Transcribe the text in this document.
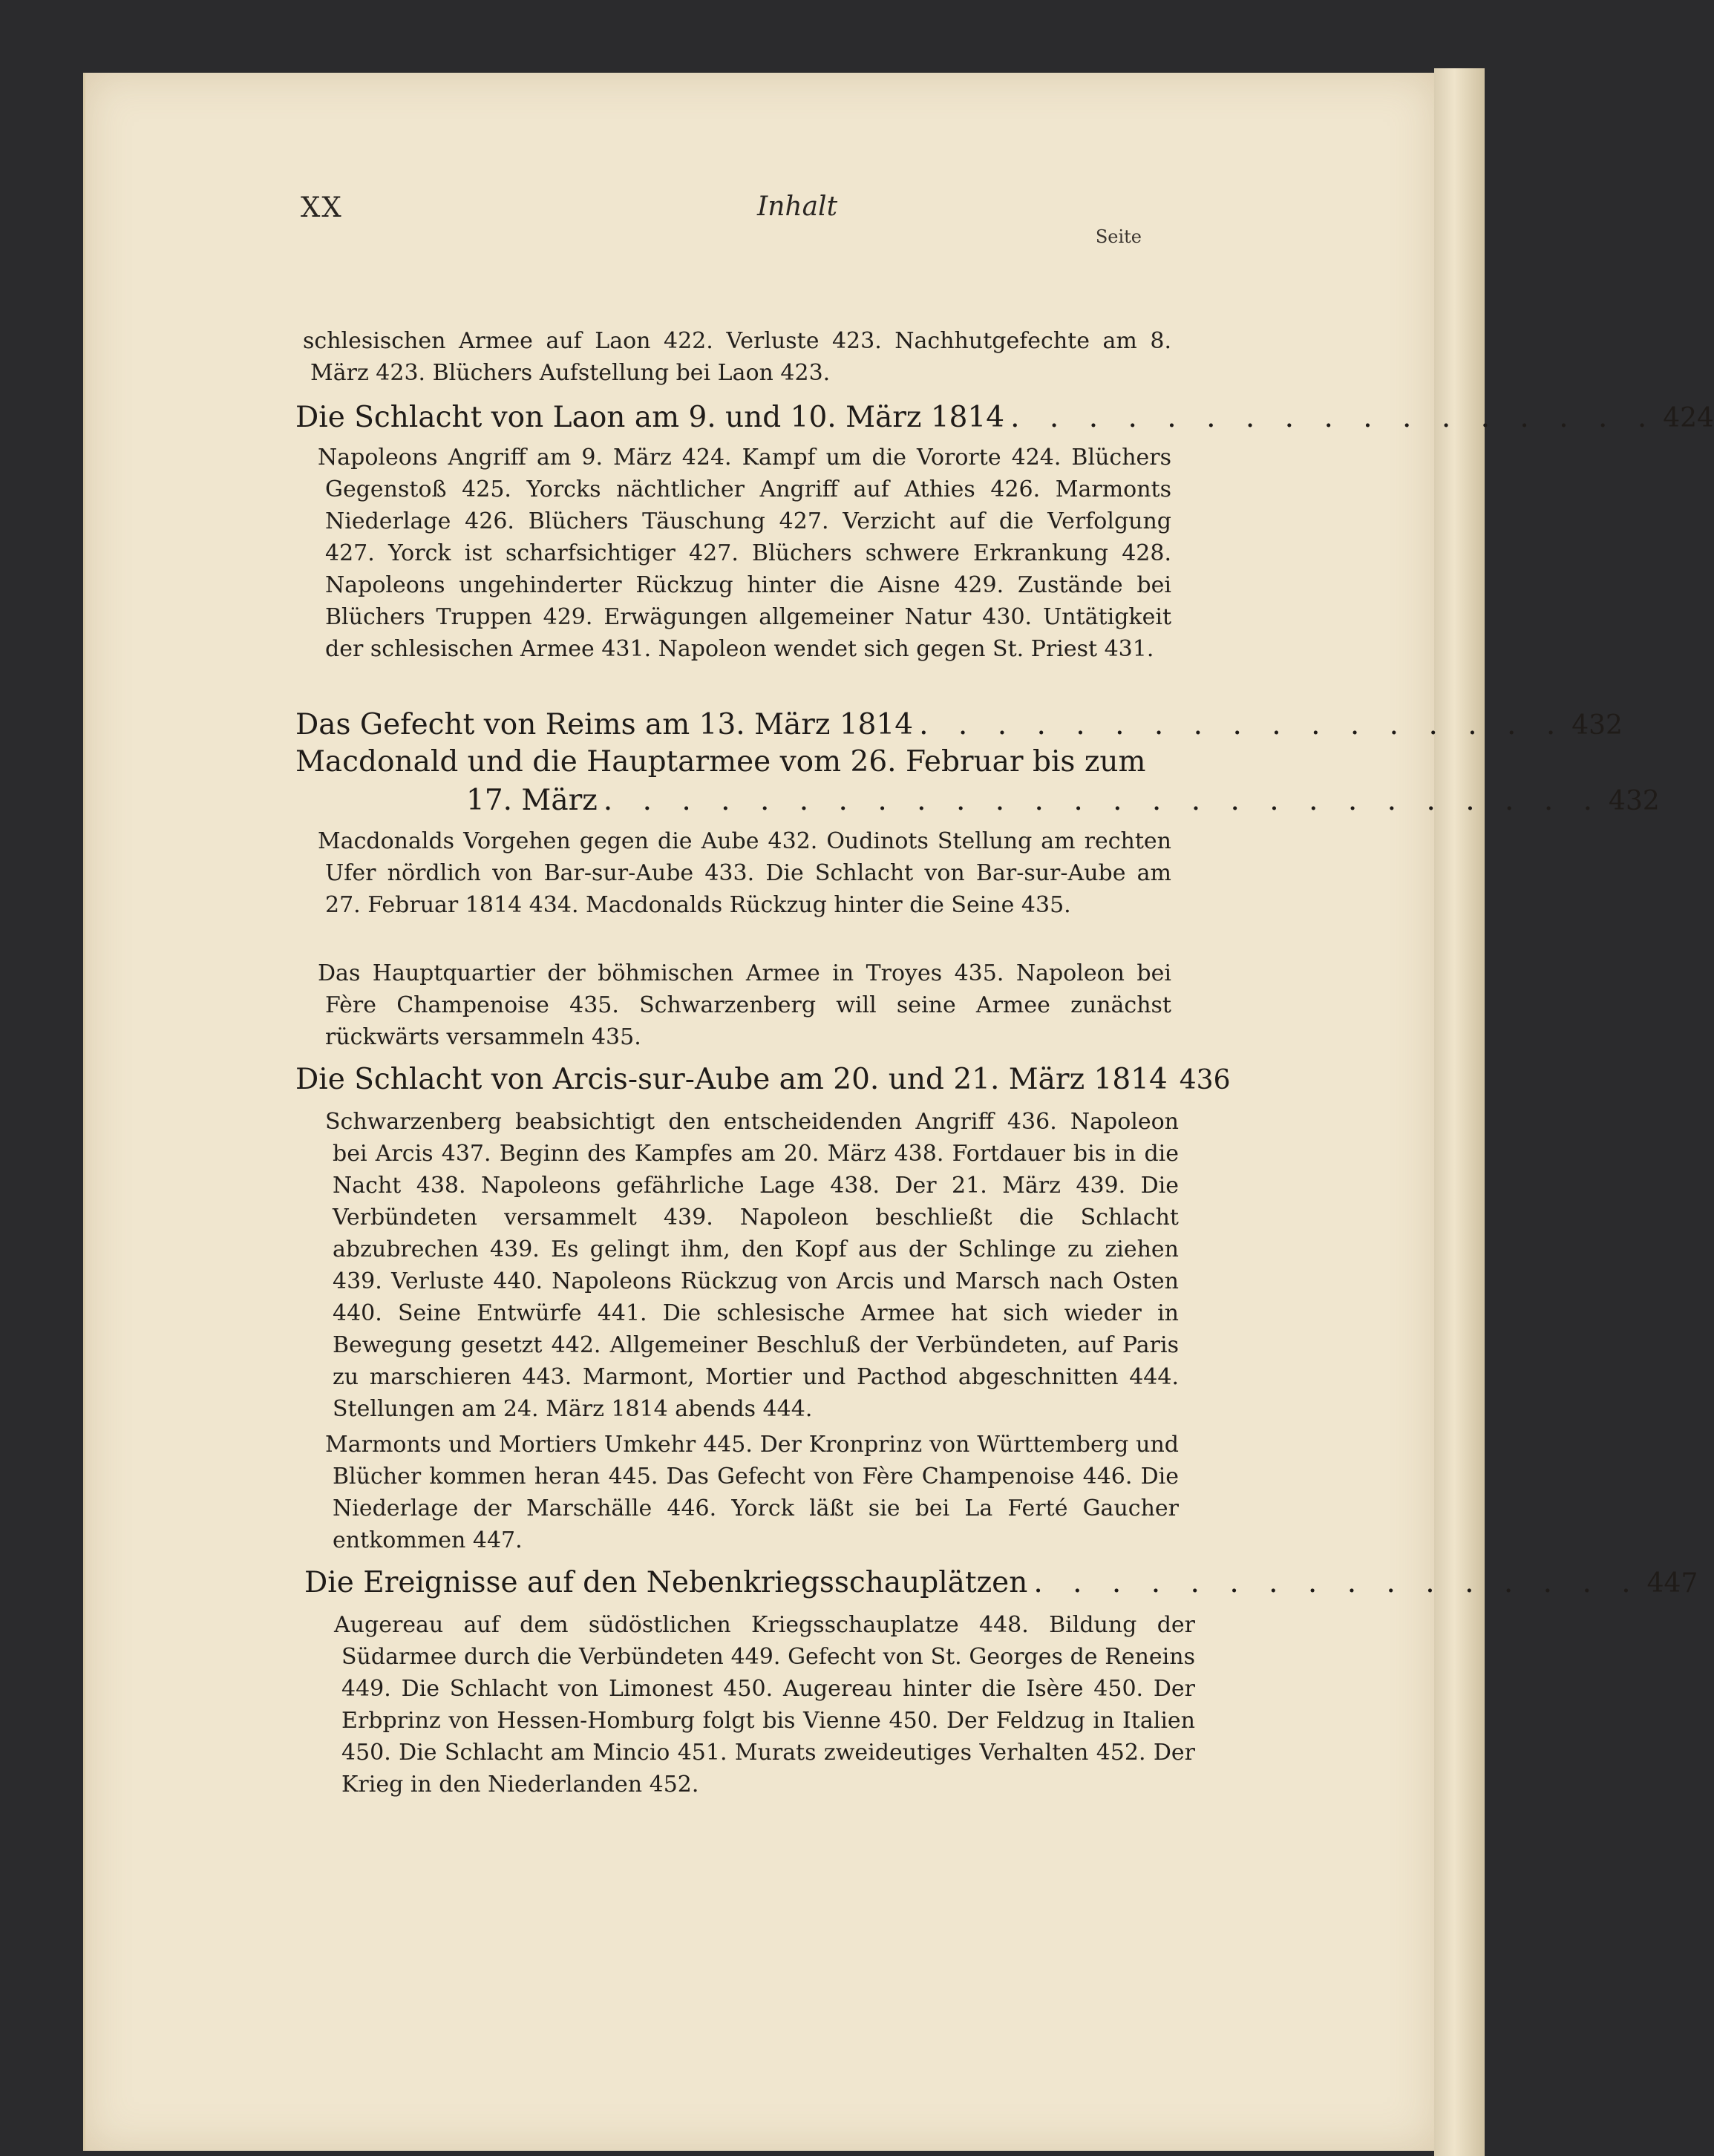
XX	Inhalt
Seite
schlesischen Armee auf Laon 422. Verluste 423. Nachhutgefechte am 8. März 423. Blüchers Aufstellung bei Laon 423.
Die Schlacht von Laon am 9. und 10. März 1814 . . . . . . . . . . . . . . . . . 424
Napoleons Angriff am 9. März 424. Kampf um die Vororte 424. Blüchers Gegenstoß 425. Yorcks nächtlicher Angriff auf Athies 426. Marmonts Niederlage 426. Blüchers Täuschung 427. Verzicht auf die Verfolgung 427. Yorck ist scharfsichtiger 427. Blüchers schwere Erkrankung 428. Napoleons ungehinderter Rückzug hinter die Aisne 429. Zustände bei Blüchers Truppen 429. Erwägungen allgemeiner Natur 430. Untätigkeit der schlesischen Armee 431. Napoleon wendet sich gegen St. Priest 431.
Das Gefecht von Reims am 13. März 1814 . . . . . . . . . . . . . . . . . 432
Macdonald und die Hauptarmee vom 26. Februar bis zum
17. März . . . . . . . . . . . . . . . . . . . . . . . . . . 432
Macdonalds Vorgehen gegen die Aube 432. Oudinots Stellung am rechten Ufer nördlich von Bar-sur-Aube 433. Die Schlacht von Bar-sur-Aube am 27. Februar 1814 434. Macdonalds Rückzug hinter die Seine 435.
Das Hauptquartier der böhmischen Armee in Troyes 435. Napoleon bei Fère Champenoise 435. Schwarzenberg will seine Armee zunächst rückwärts versammeln 435.
Die Schlacht von Arcis-sur-Aube am 20. und 21. März 1814 436
Schwarzenberg beabsichtigt den entscheidenden Angriff 436. Napoleon bei Arcis 437. Beginn des Kampfes am 20. März 438. Fortdauer bis in die Nacht 438. Napoleons gefährliche Lage 438. Der 21. März 439. Die Verbündeten versammelt 439. Napoleon beschließt die Schlacht abzubrechen 439. Es gelingt ihm, den Kopf aus der Schlinge zu ziehen 439. Verluste 440. Napoleons Rückzug von Arcis und Marsch nach Osten 440. Seine Entwürfe 441. Die schlesische Armee hat sich wieder in Bewegung gesetzt 442. Allgemeiner Beschluß der Verbündeten, auf Paris zu marschieren 443. Marmont, Mortier und Pacthod abgeschnitten 444. Stellungen am 24. März 1814 abends 444.
Marmonts und Mortiers Umkehr 445. Der Kronprinz von Württemberg und Blücher kommen heran 445. Das Gefecht von Fère Champenoise 446. Die Niederlage der Marschälle 446. Yorck läßt sie bei La Ferté Gaucher entkommen 447.
Die Ereignisse auf den Nebenkriegsschauplätzen . . . . . . . . . . . . . . . . 447
Augereau auf dem südöstlichen Kriegsschauplatze 448. Bildung der Südarmee durch die Verbündeten 449. Gefecht von St. Georges de Reneins 449. Die Schlacht von Limonest 450. Augereau hinter die Isère 450. Der Erbprinz von Hessen-Homburg folgt bis Vienne 450. Der Feldzug in Italien 450. Die Schlacht am Mincio 451. Murats zweideutiges Verhalten 452. Der Krieg in den Niederlanden 452.
